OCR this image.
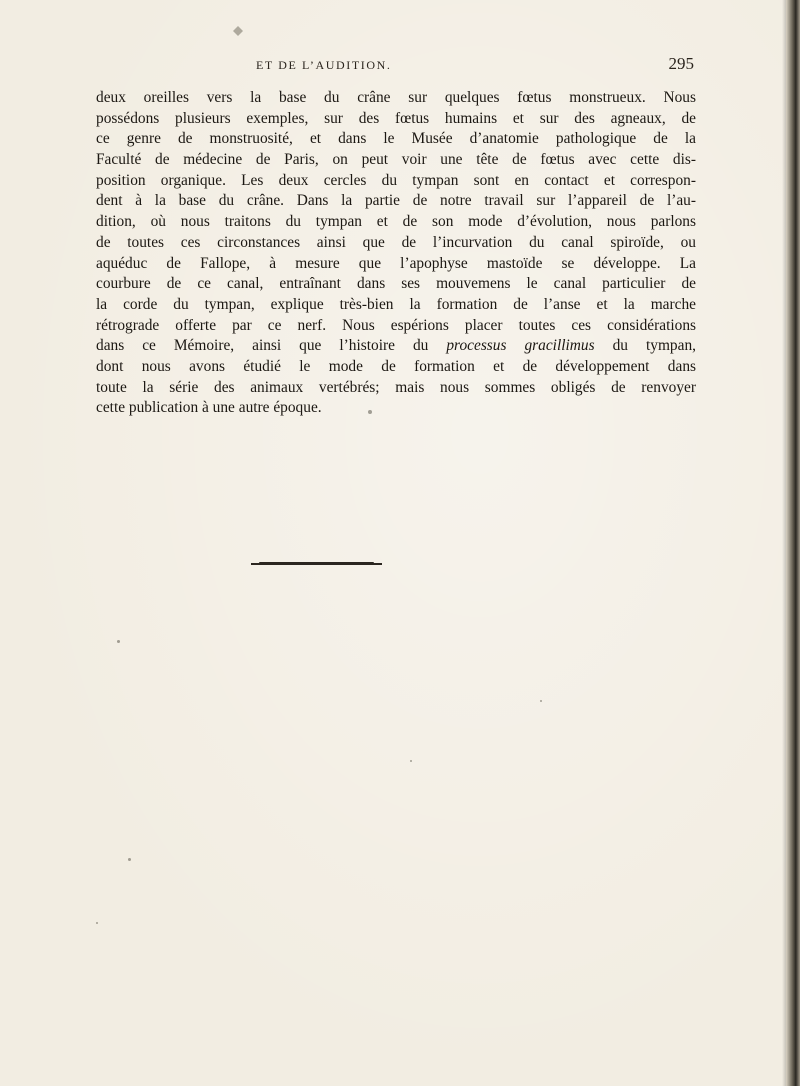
ET DE L’AUDITION.	295
deux oreilles vers la base du crâne sur quelques fœtus monstrueux. Nous
possédons plusieurs exemples, sur des fœtus humains et sur des agneaux, de
ce genre de monstruosité, et dans le Musée d’anatomie pathologique de la
Faculté de médecine de Paris, on peut voir une tête de fœtus avec cette dis-
position organique. Les deux cercles du tympan sont en contact et correspon-
dent à la base du crâne. Dans la partie de notre travail sur l’appareil de l’au-
dition, où nous traitons du tympan et de son mode d’évolution, nous parlons
de toutes ces circonstances ainsi que de l’incurvation du canal spiroïde, ou
aquéduc de Fallope, à mesure que l’apophyse mastoïde se développe. La
courbure de ce canal, entraînant dans ses mouvemens le canal particulier de
la corde du tympan, explique très-bien la formation de l’anse et la marche
rétrograde offerte par ce nerf. Nous espérions placer toutes ces considérations
dans ce Mémoire, ainsi que l’histoire du processus gracillimus du tympan,
dont nous avons étudié le mode de formation et de développement dans
toute la série des animaux vertébrés; mais nous sommes obligés de renvoyer
cette publication à une autre époque.
